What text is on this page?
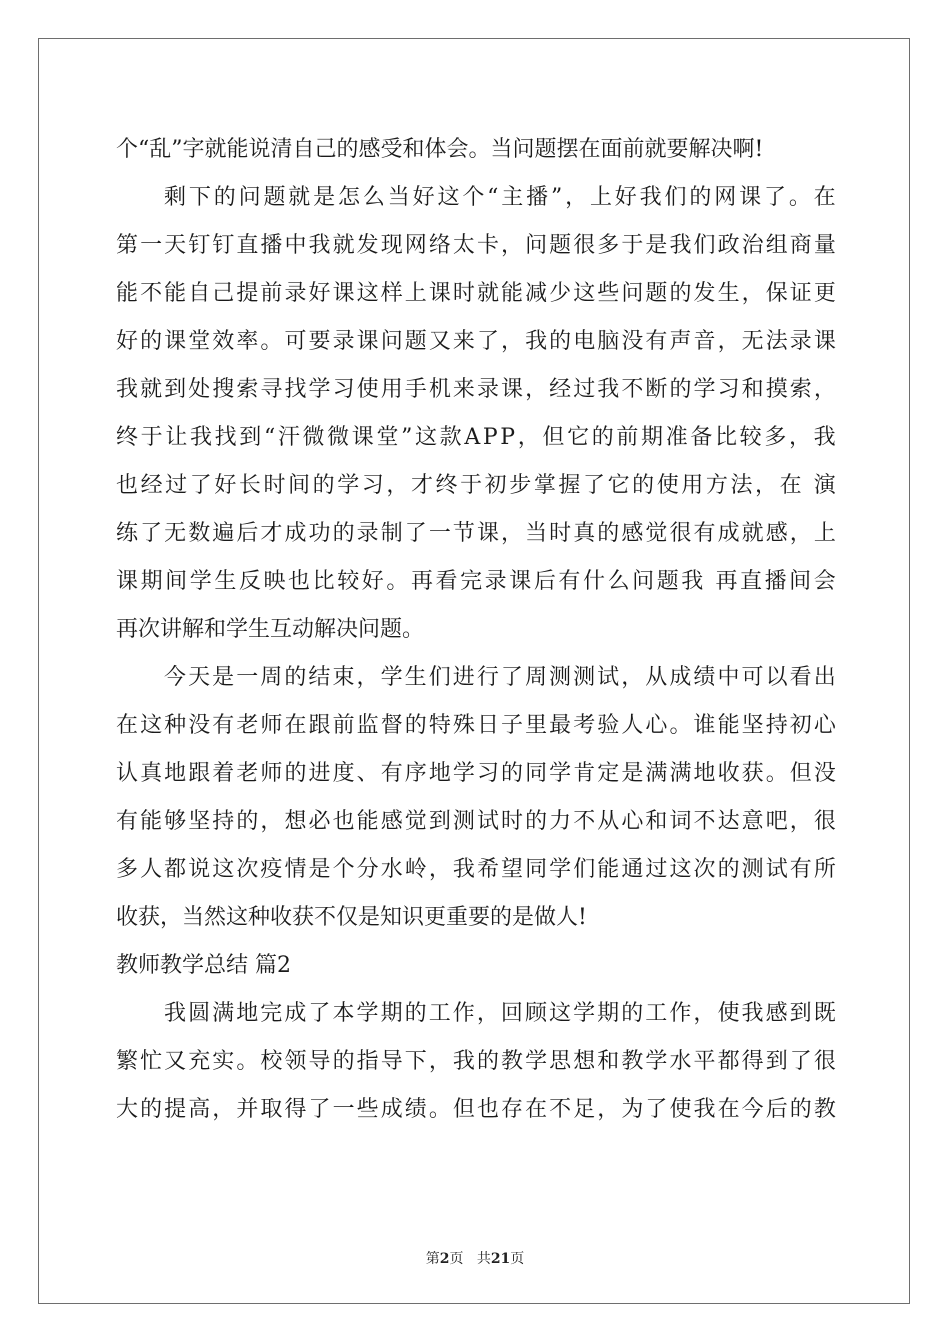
个“乱”字就能说清自己的感受和体会。当问题摆在面前就要解决啊!
剩 下 的 问 题 就 是 怎 么 当 好 这 个 “ 主 播 ” ， 上 好 我 们 的 网 课 了 。 在
第 一 天 钉 钉 直 播 中 我 就 发 现 网 络 太 卡 ， 问 题 很 多 于 是 我 们 政 治 组 商 量
能 不 能 自 己 提 前 录 好 课 这 样 上 课 时 就 能 减 少 这 些 问 题 的 发 生 ， 保 证 更
好 的 课 堂 效 率 。 可 要 录 课 问 题 又 来 了 ， 我 的 电 脑 没 有 声 音 ， 无 法 录 课
我 就 到 处 搜 索 寻 找 学 习 使 用 手 机 来 录 课 ， 经 过 我 不 断 的 学 习 和 摸 索 ，
终 于 让 我 找 到 “ 汗 微 微 课 堂 ” 这 款 A P P ， 但 它 的 前 期 准 备 比 较 多 ， 我
也 经 过 了 好 长 时 间 的 学 习 ， 才 终 于 初 步 掌 握 了 它 的 使 用 方 法 ， 在
演
练 了 无 数 遍 后 才 成 功 的 录 制 了 一 节 课 ， 当 时 真 的 感 觉 很 有 成 就 感 ， 上
课 期 间 学 生 反 映 也 比 较 好 。 再 看 完 录 课 后 有 什 么 问 题 我
再 直 播 间 会
再次讲解和学生互动解决问题。
今 天 是 一 周 的 结 束 ， 学 生 们 进 行 了 周 测 测 试 ， 从 成 绩 中 可 以 看 出
在 这 种 没 有 老 师 在 跟 前 监 督 的 特 殊 日 子 里 最 考 验 人 心 。 谁 能 坚 持 初 心
认 真 地 跟 着 老 师 的 进 度 、 有 序 地 学 习 的 同 学 肯 定 是 满 满 地 收 获 。 但 没
有 能 够 坚 持 的 ， 想 必 也 能 感 觉 到 测 试 时 的 力 不 从 心 和 词 不 达 意 吧 ， 很
多 人 都 说 这 次 疫 情 是 个 分 水 岭 ， 我 希 望 同 学 们 能 通 过 这 次 的 测 试 有 所
收获，当然这种收获不仅是知识更重要的是做人!
教师教学总结 篇2
我 圆 满 地 完 成 了 本 学 期 的 工 作 ， 回 顾 这 学 期 的 工 作 ， 使 我 感 到 既
繁 忙 又 充 实 。 校 领 导 的 指 导 下 ， 我 的 教 学 思 想 和 教 学 水 平 都 得 到 了 很
大 的 提 高 ， 并 取 得 了 一 些 成 绩 。 但 也 存 在 不 足 ， 为 了 使 我 在 今 后 的 教
第2页 共21页
